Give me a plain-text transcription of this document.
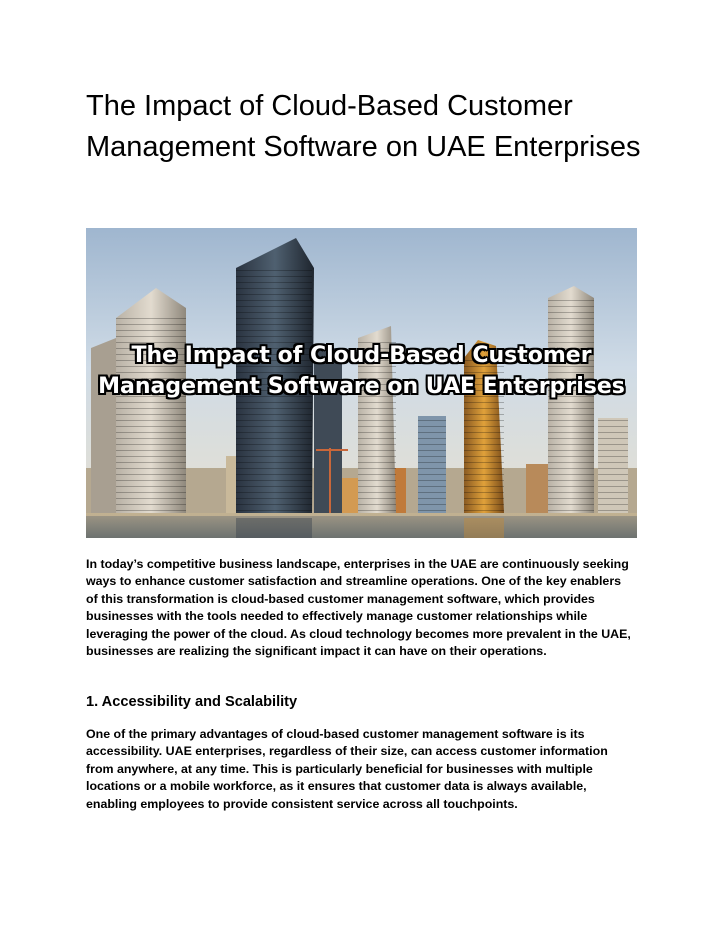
The Impact of Cloud-Based Customer Management Software on UAE Enterprises
The Impact of Cloud-Based Customer
Management Software on UAE Enterprises

In today’s competitive business landscape, enterprises in the UAE are continuously seeking ways to enhance customer satisfaction and streamline operations. One of the key enablers of this transformation is cloud-based customer management software, which provides businesses with the tools needed to effectively manage customer relationships while leveraging the power of the cloud. As cloud technology becomes more prevalent in the UAE, businesses are realizing the significant impact it can have on their operations.

1. Accessibility and Scalability

One of the primary advantages of cloud-based customer management software is its accessibility. UAE enterprises, regardless of their size, can access customer information from anywhere, at any time. This is particularly beneficial for businesses with multiple locations or a mobile workforce, as it ensures that customer data is always available, enabling employees to provide consistent service across all touchpoints.
